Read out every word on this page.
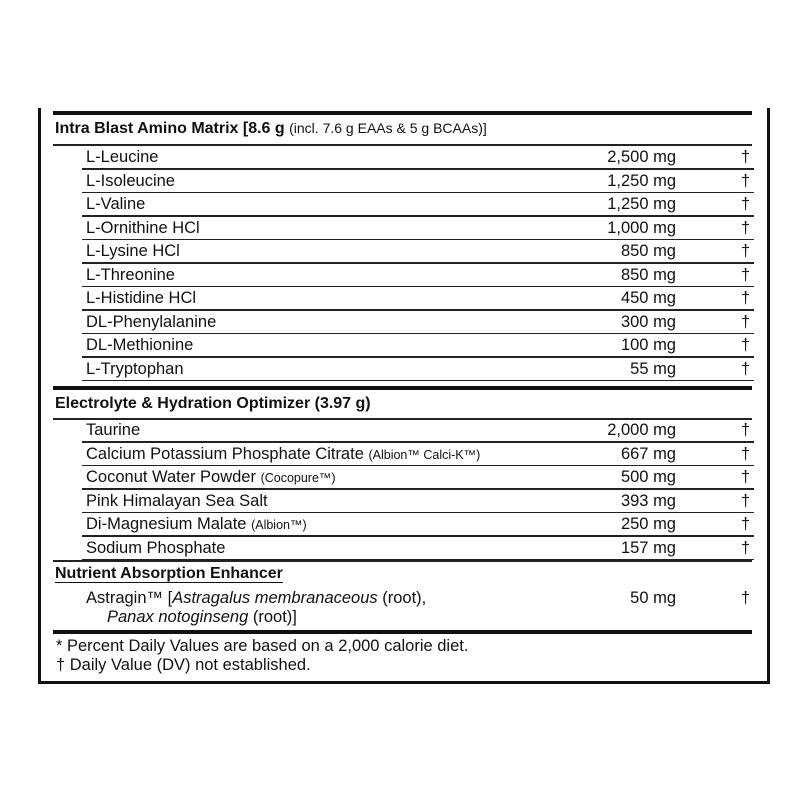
Intra Blast Amino Matrix [8.6 g (incl. 7.6 g EAAs & 5 g BCAAs)]
L-Leucine	2,500 mg	†
L-Isoleucine	1,250 mg	†
L-Valine	1,250 mg	†
L-Ornithine HCl	1,000 mg	†
L-Lysine HCl	850 mg	†
L-Threonine	850 mg	†
L-Histidine HCl	450 mg	†
DL-Phenylalanine	300 mg	†
DL-Methionine	100 mg	†
L-Tryptophan	55 mg	†
Electrolyte & Hydration Optimizer (3.97 g)
Taurine	2,000 mg	†
Calcium Potassium Phosphate Citrate (Albion™ Calci-K™)	667 mg	†
Coconut Water Powder (Cocopure™)	500 mg	†
Pink Himalayan Sea Salt	393 mg	†
Di-Magnesium Malate (Albion™)	250 mg	†
Sodium Phosphate	157 mg	†
Nutrient Absorption Enhancer
Astragin™ [Astragalus membranaceous (root),	50 mg	†
Panax notoginseng (root)]
* Percent Daily Values are based on a 2,000 calorie diet.
† Daily Value (DV) not established.
